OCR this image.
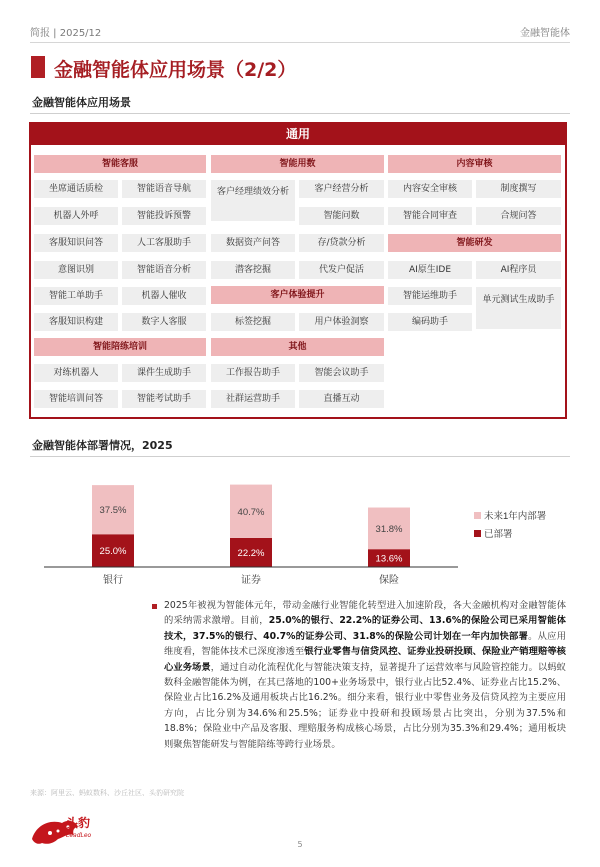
简报 | 2025/12	金融智能体
金融智能体应用场景（2/2）
金融智能体应用场景
通用
智能客服
坐席通话质检	智能语音导航
机器人外呼	智能投诉预警
客服知识问答	人工客服助手
意图识别	智能语音分析
智能工单助手	机器人催收
客服知识构建	数字人客服
智能陪练培训
对练机器人	课件生成助手
智能培训问答	智能考试助手
智能用数
客户经理绩效分析	客户经营分析
智能问数
数据资产问答	存/贷款分析
潜客挖掘	代发户促活
客户体验提升
标签挖掘	用户体验洞察
其他
工作报告助手	智能会议助手
社群运营助手	直播互动
内容审核
内容安全审核	制度撰写
智能合同审查	合规问答
智能研发
AI原生IDE	AI程序员
智能运维助手	单元测试生成助手
编码助手
金融智能体部署情况，2025
25.0%
37.5%
银行
22.2%
40.7%
证券
13.6%
31.8%
保险
未来1年内部署
已部署
2025年被视为智能体元年，带动金融行业智能化转型进入加速阶段，各大金融机构对金融智能体的采纳需求激增。目前，25.0%的银行、22.2%的证券公司、13.6%的保险公司已采用智能体技术，37.5%的银行、40.7%的证券公司、31.8%的保险公司计划在一年内加快部署。从应用维度看，智能体技术已深度渗透至银行业零售与信贷风控、证券业投研投顾、保险业产销理赔等核心业务场景，通过自动化流程优化与智能决策支持，显著提升了运营效率与风险管控能力。以蚂蚁数科金融智能体为例，在其已落地的100+业务场景中，银行业占比52.4%、证券业占比15.2%、保险业占比16.2%及通用板块占比16.2%。细分来看，银行业中零售业务及信贷风控为主要应用方向，占比分别为34.6%和25.5%；证券业中投研和投顾场景占比突出，分别为37.5%和18.8%；保险业中产品及客服、理赔服务构成核心场景，占比分别为35.3%和29.4%；通用板块则聚焦智能研发与智能陪练等跨行业场景。
来源：阿里云、蚂蚁数科、沙丘社区、头豹研究院
头豹
LeadLeo
5
